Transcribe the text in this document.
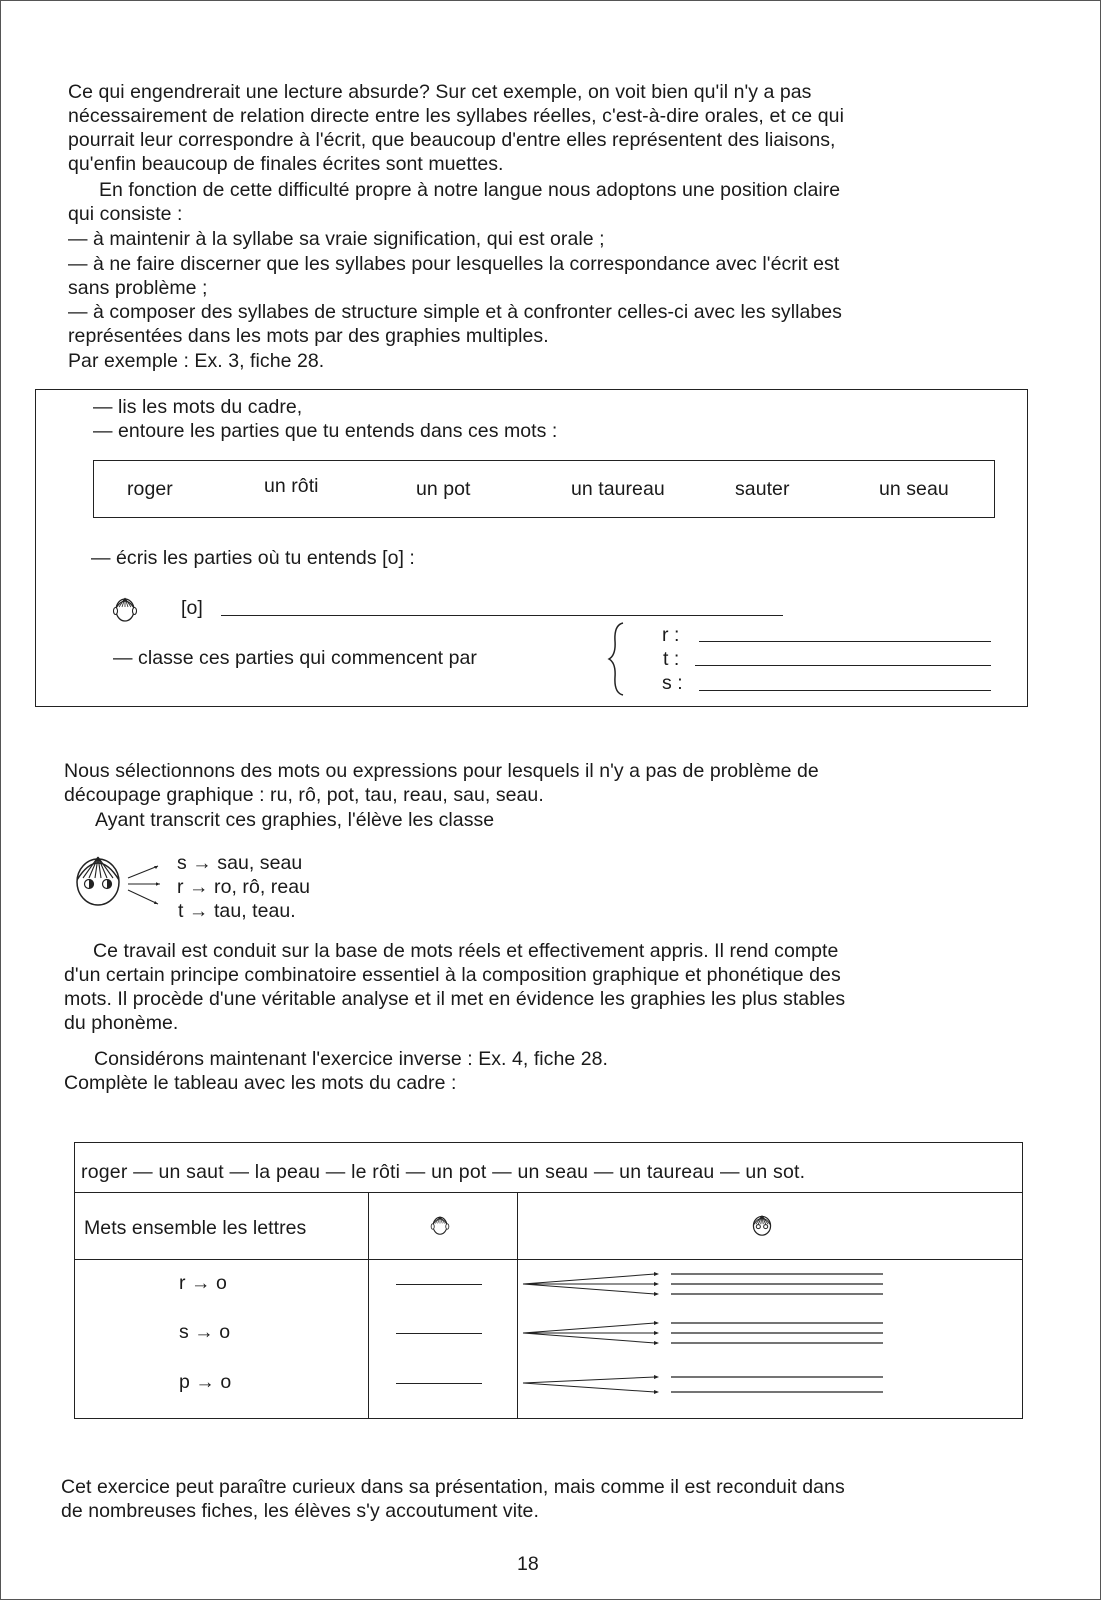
Ce qui engendrerait une lecture absurde? Sur cet exemple, on voit bien qu'il n'y a pas
nécessairement de relation directe entre les syllabes réelles, c'est-à-dire orales, et ce qui
pourrait leur correspondre à l'écrit, que beaucoup d'entre elles représentent des liaisons,
qu'enfin beaucoup de finales écrites sont muettes.
En fonction de cette difficulté propre à notre langue nous adoptons une position claire
qui consiste :
— à maintenir à la syllabe sa vraie signification, qui est orale ;
— à ne faire discerner que les syllabes pour lesquelles la correspondance avec l'écrit est
sans problème ;
— à composer des syllabes de structure simple et à confronter celles-ci avec les syllabes
représentées dans les mots par des graphies multiples.
Par exemple : Ex. 3, fiche 28.
— lis les mots du cadre,
— entoure les parties que tu entends dans ces mots :
roger	un rôti	un pot	un taureau	sauter	un seau
— écris les parties où tu entends [o] :
[o]
— classe ces parties qui commencent par
r :
t :
s :
Nous sélectionnons des mots ou expressions pour lesquels il n'y a pas de problème de
découpage graphique : ru, rô, pot, tau, reau, sau, seau.
Ayant transcrit ces graphies, l'élève les classe
s → sau, seau
r → ro, rô, reau
t → tau, teau.
Ce travail est conduit sur la base de mots réels et effectivement appris. Il rend compte
d'un certain principe combinatoire essentiel à la composition graphique et phonétique des
mots. Il procède d'une véritable analyse et il met en évidence les graphies les plus stables
du phonème.
Considérons maintenant l'exercice inverse : Ex. 4, fiche 28.
Complète le tableau avec les mots du cadre :
roger — un saut — la peau — le rôti — un pot — un seau — un taureau — un sot.
Mets ensemble les lettres
r → o
s → o
p → o
Cet exercice peut paraître curieux dans sa présentation, mais comme il est reconduit dans
de nombreuses fiches, les élèves s'y accoutument vite.
18
